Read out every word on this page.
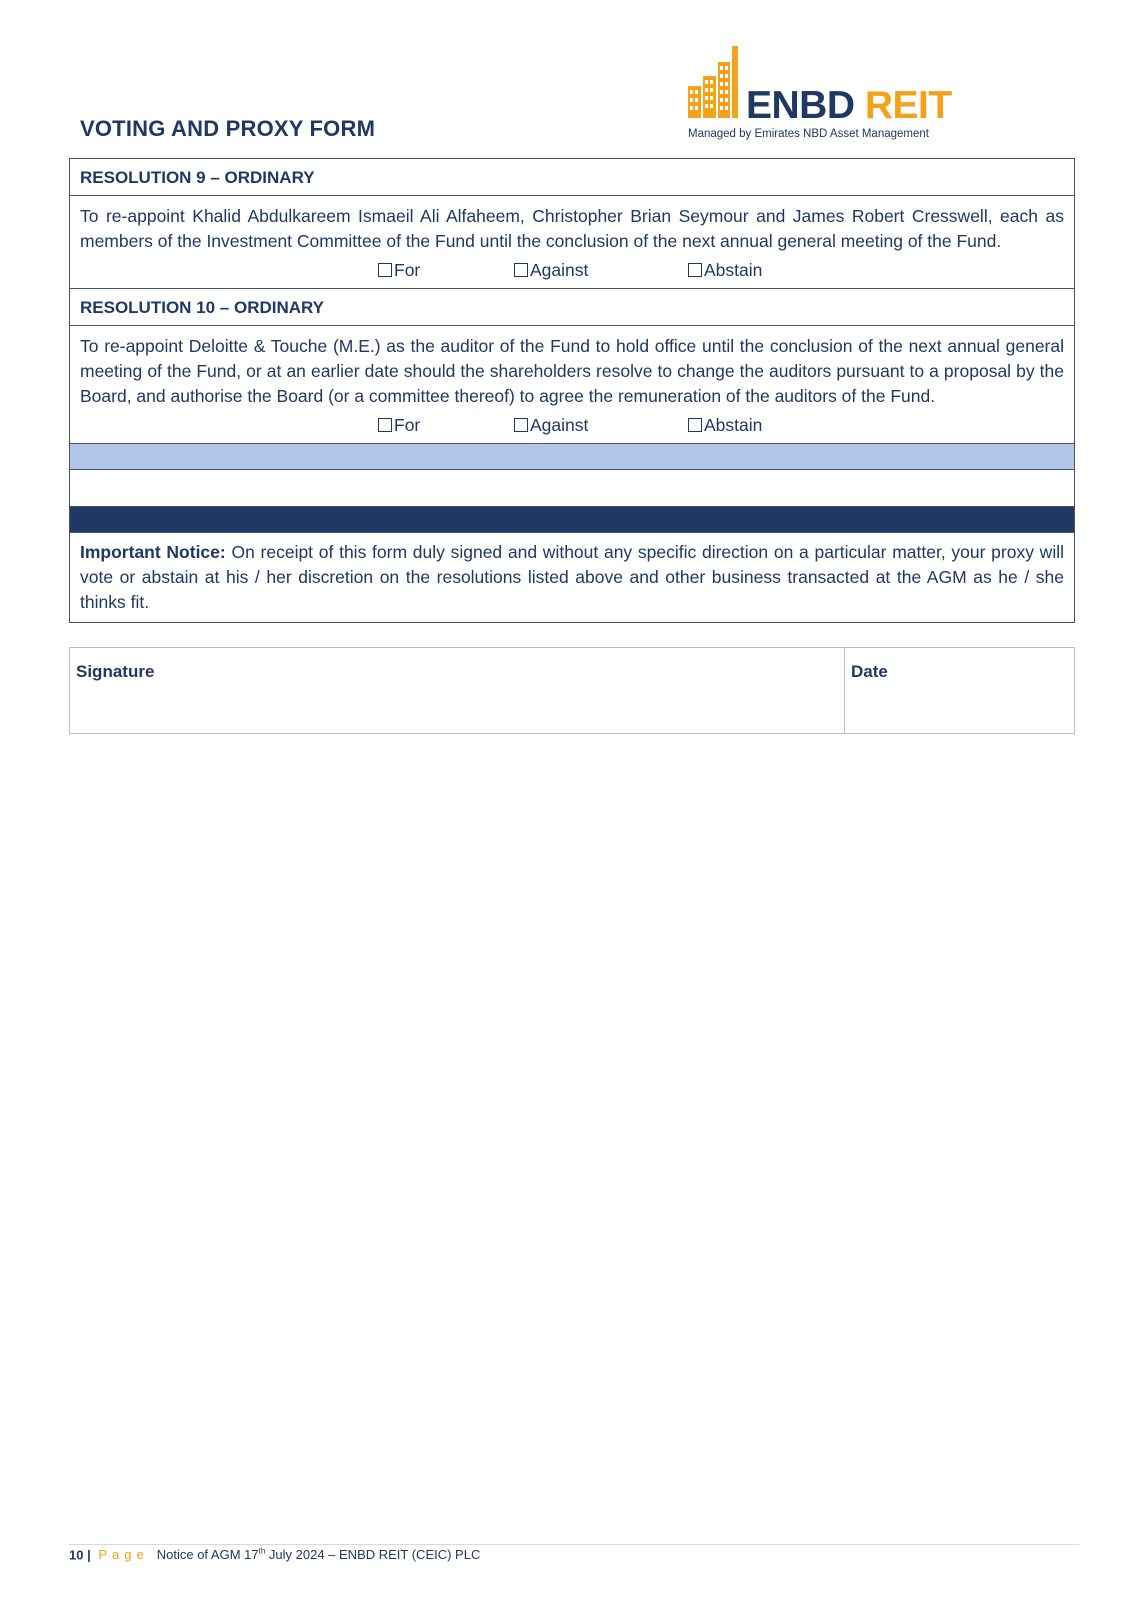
VOTING AND PROXY FORM
ENBD REIT
Managed by Emirates NBD Asset Management
RESOLUTION 9 – ORDINARY
To re-appoint Khalid Abdulkareem Ismaeil Ali Alfaheem, Christopher Brian Seymour and James Robert Cresswell, each as members of the Investment Committee of the Fund until the conclusion of the next annual general meeting of the Fund.
For	Against	Abstain
RESOLUTION 10 – ORDINARY
To re-appoint Deloitte & Touche (M.E.) as the auditor of the Fund to hold office until the conclusion of the next annual general meeting of the Fund, or at an earlier date should the shareholders resolve to change the auditors pursuant to a proposal by the Board, and authorise the Board (or a committee thereof) to agree the remuneration of the auditors of the Fund.
For	Against	Abstain
Important Notice: On receipt of this form duly signed and without any specific direction on a particular matter, your proxy will vote or abstain at his / her discretion on the resolutions listed above and other business transacted at the AGM as he / she thinks fit.
Signature	Date
10 | Page Notice of AGM 17th July 2024 – ENBD REIT (CEIC) PLC
